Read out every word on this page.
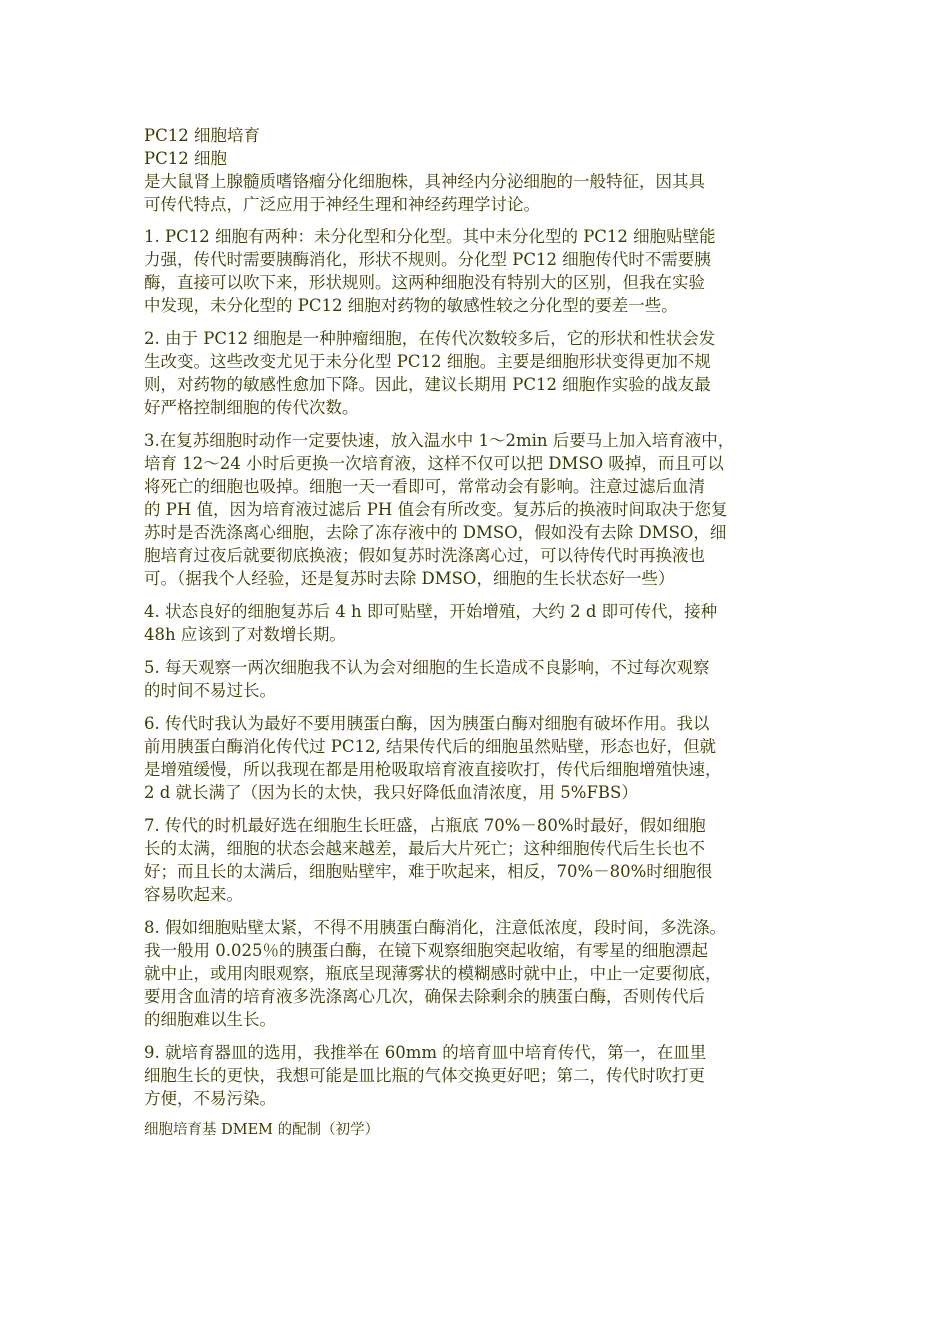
PC12 细胞培育
PC12 细胞
是大鼠肾上腺髓质嗜铬瘤分化细胞株，具神经内分泌细胞的一般特征，因其具
可传代特点，广泛应用于神经生理和神经药理学讨论。
1. PC12 细胞有两种：未分化型和分化型。其中未分化型的 PC12 细胞贴壁能
力强，传代时需要胰酶消化，形状不规则。分化型 PC12 细胞传代时不需要胰
酶，直接可以吹下来，形状规则。这两种细胞没有特别大的区别，但我在实验
中发现，未分化型的 PC12 细胞对药物的敏感性较之分化型的要差一些。
2. 由于 PC12 细胞是一种肿瘤细胞，在传代次数较多后，它的形状和性状会发
生改变。这些改变尤见于未分化型 PC12 细胞。主要是细胞形状变得更加不规
则，对药物的敏感性愈加下降。因此，建议长期用 PC12 细胞作实验的战友最
好严格控制细胞的传代次数。
3.在复苏细胞时动作一定要快速，放入温水中 1～2min 后要马上加入培育液中，
培育 12～24 小时后更换一次培育液，这样不仅可以把 DMSO 吸掉，而且可以
将死亡的细胞也吸掉。细胞一天一看即可，常常动会有影响。注意过滤后血清
的 PH 值，因为培育液过滤后 PH 值会有所改变。复苏后的换液时间取决于您复
苏时是否洗涤离心细胞，去除了冻存液中的 DMSO，假如没有去除 DMSO，细
胞培育过夜后就要彻底换液；假如复苏时洗涤离心过，可以待传代时再换液也
可。（据我个人经验，还是复苏时去除 DMSO，细胞的生长状态好一些）
4. 状态良好的细胞复苏后 4 h 即可贴壁，开始增殖，大约 2 d 即可传代，接种
48h 应该到了对数增长期。
5. 每天观察一两次细胞我不认为会对细胞的生长造成不良影响，不过每次观察
的时间不易过长。
6. 传代时我认为最好不要用胰蛋白酶，因为胰蛋白酶对细胞有破坏作用。我以
前用胰蛋白酶消化传代过 PC12, 结果传代后的细胞虽然贴壁，形态也好，但就
是增殖缓慢，所以我现在都是用枪吸取培育液直接吹打，传代后细胞增殖快速，
2 d 就长满了（因为长的太快，我只好降低血清浓度，用 5%FBS）
7. 传代的时机最好选在细胞生长旺盛，占瓶底 70%－80%时最好，假如细胞
长的太满，细胞的状态会越来越差，最后大片死亡；这种细胞传代后生长也不
好；而且长的太满后，细胞贴壁牢，难于吹起来，相反，70%－80%时细胞很
容易吹起来。
8. 假如细胞贴壁太紧，不得不用胰蛋白酶消化，注意低浓度，段时间，多洗涤。
我一般用 0.025％的胰蛋白酶，在镜下观察细胞突起收缩，有零星的细胞漂起
就中止，或用肉眼观察，瓶底呈现薄雾状的模糊感时就中止，中止一定要彻底，
要用含血清的培育液多洗涤离心几次，确保去除剩余的胰蛋白酶，否则传代后
的细胞难以生长。
9. 就培育器皿的选用，我推举在 60mm 的培育皿中培育传代，第一，在皿里
细胞生长的更快，我想可能是皿比瓶的气体交换更好吧；第二，传代时吹打更
方便，不易污染。
细胞培育基 DMEM 的配制（初学）
